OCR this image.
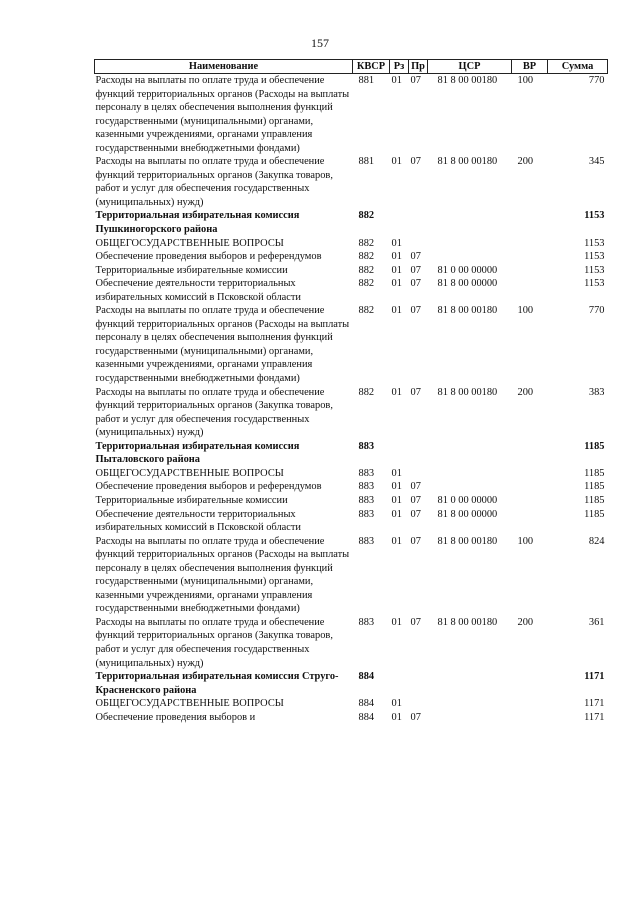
157
Наименование	КВСР	Рз	Пр	ЦСР	ВР	Сумма
Расходы на выплаты по оплате труда и обеспечение функций территориальных органов (Расходы на выплаты персоналу в целях обеспечения выполнения функций государственными (муниципальными) органами, казенными учреждениями, органами управления государственными внебюджетными фондами)	881	01	07	81 8 00 00180	100	770
Расходы на выплаты по оплате труда и обеспечение функций территориальных органов (Закупка товаров, работ и услуг для обеспечения государственных (муниципальных) нужд)	881	01	07	81 8 00 00180	200	345
Территориальная избирательная комиссия Пушкиногорского района	882					1153
ОБЩЕГОСУДАРСТВЕННЫЕ ВОПРОСЫ	882	01				1153
Обеспечение проведения выборов и референдумов	882	01	07			1153
Территориальные избирательные комиссии	882	01	07	81 0 00 00000		1153
Обеспечение деятельности территориальных избирательных комиссий в Псковской области	882	01	07	81 8 00 00000		1153
Расходы на выплаты по оплате труда и обеспечение функций территориальных органов (Расходы на выплаты персоналу в целях обеспечения выполнения функций государственными (муниципальными) органами, казенными учреждениями, органами управления государственными внебюджетными фондами)	882	01	07	81 8 00 00180	100	770
Расходы на выплаты по оплате труда и обеспечение функций территориальных органов (Закупка товаров, работ и услуг для обеспечения государственных (муниципальных) нужд)	882	01	07	81 8 00 00180	200	383
Территориальная избирательная комиссия Пыталовского района	883					1185
ОБЩЕГОСУДАРСТВЕННЫЕ ВОПРОСЫ	883	01				1185
Обеспечение проведения выборов и референдумов	883	01	07			1185
Территориальные избирательные комиссии	883	01	07	81 0 00 00000		1185
Обеспечение деятельности территориальных избирательных комиссий в Псковской области	883	01	07	81 8 00 00000		1185
Расходы на выплаты по оплате труда и обеспечение функций территориальных органов (Расходы на выплаты персоналу в целях обеспечения выполнения функций государственными (муниципальными) органами, казенными учреждениями, органами управления государственными внебюджетными фондами)	883	01	07	81 8 00 00180	100	824
Расходы на выплаты по оплате труда и обеспечение функций территориальных органов (Закупка товаров, работ и услуг для обеспечения государственных (муниципальных) нужд)	883	01	07	81 8 00 00180	200	361
Территориальная избирательная комиссия Струго-Красненского района	884					1171
ОБЩЕГОСУДАРСТВЕННЫЕ ВОПРОСЫ	884	01				1171
Обеспечение проведения выборов и	884	01	07			1171
